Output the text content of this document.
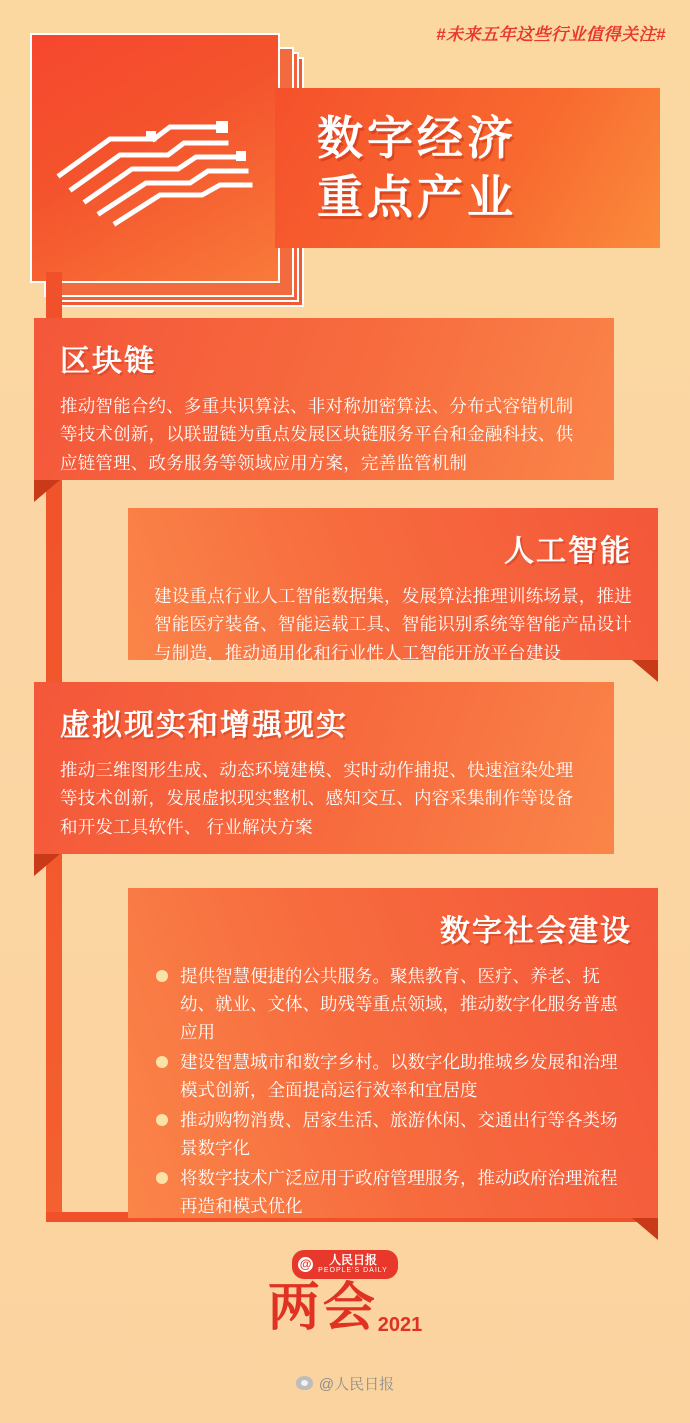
#未来五年这些行业值得关注#
数字经济
重点产业
区块链
推动智能合约、多重共识算法、非对称加密算法、分布式容错机制等技术创新，以联盟链为重点发展区块链服务平台和金融科技、供应链管理、政务服务等领域应用方案，完善监管机制
人工智能
建设重点行业人工智能数据集，发展算法推理训练场景，推进智能医疗装备、智能运载工具、智能识别系统等智能产品设计与制造，推动通用化和行业性人工智能开放平台建设
虚拟现实和增强现实
推动三维图形生成、动态环境建模、实时动作捕捉、快速渲染处理等技术创新，发展虚拟现实整机、感知交互、内容采集制作等设备和开发工具软件、 行业解决方案
数字社会建设
提供智慧便捷的公共服务。聚焦教育、医疗、养老、抚幼、就业、文体、助残等重点领域，推动数字化服务普惠应用
建设智慧城市和数字乡村。以数字化助推城乡发展和治理模式创新，全面提高运行效率和宜居度
推动购物消费、居家生活、旅游休闲、交通出行等各类场景数字化
将数字技术广泛应用于政府管理服务，推动政府治理流程再造和模式优化
@	人民日报
PEOPLE'S DAILY
两会2021
@人民日报
